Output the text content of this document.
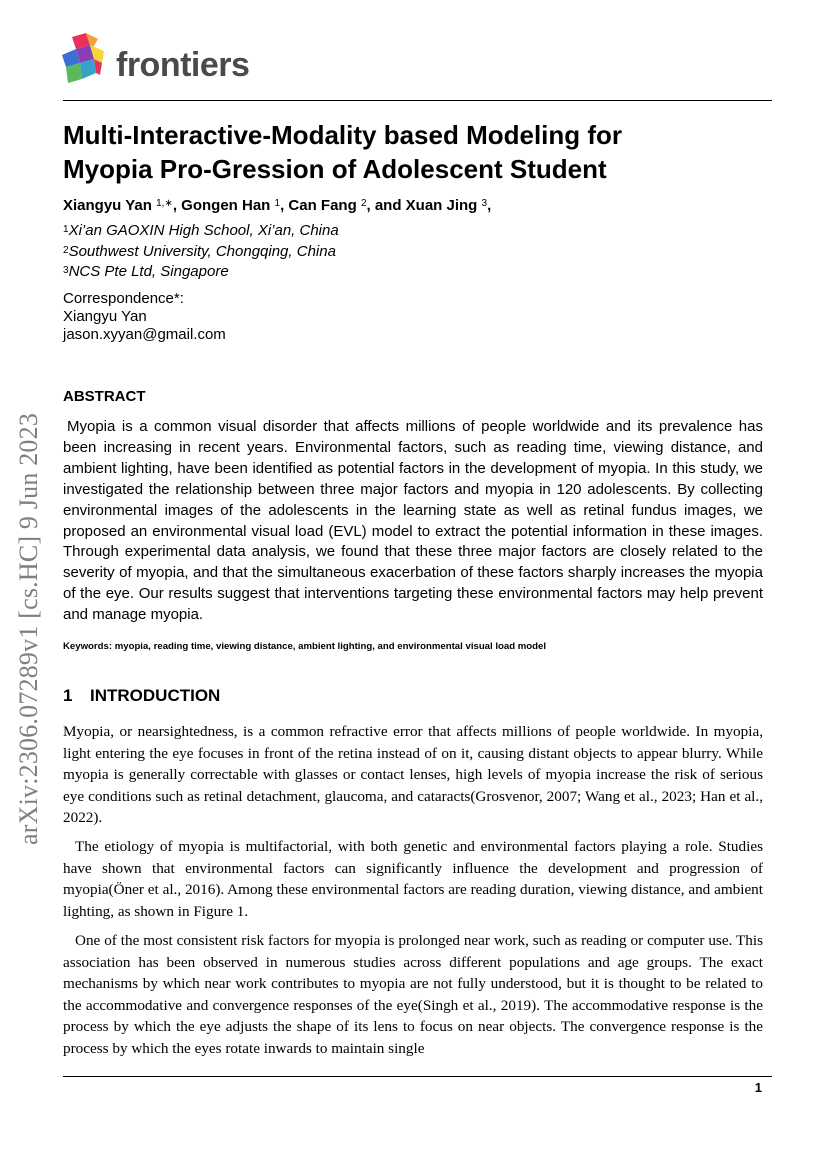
frontiers
arXiv:2306.07289v1 [cs.HC] 9 Jun 2023
Multi-Interactive-Modality based Modeling for
Myopia Pro-Gression of Adolescent Student
Xiangyu Yan $^{1,∗}$, Gongen Han $^1$, Can Fang $^2$, and Xuan Jing $^3$,
$^1$Xi’an GAOXIN High School, Xi’an, China
$^2$Southwest University, Chongqing, China
$^3$NCS Pte Ltd, Singapore
Correspondence*:
Xiangyu Yan
jason.xyyan@gmail.com
ABSTRACT
Myopia is a common visual disorder that affects millions of people worldwide and its prevalence has been increasing in recent years. Environmental factors, such as reading time, viewing distance, and ambient lighting, have been identified as potential factors in the development of myopia. In this study, we investigated the relationship between three major factors and myopia in 120 adolescents. By collecting environmental images of the adolescents in the learning state as well as retinal fundus images, we proposed an environmental visual load (EVL) model to extract the potential information in these images. Through experimental data analysis, we found that these three major factors are closely related to the severity of myopia, and that the simultaneous exacerbation of these factors sharply increases the myopia of the eye. Our results suggest that interventions targeting these environmental factors may help prevent and manage myopia.
Keywords: myopia, reading time, viewing distance, ambient lighting, and environmental visual load model
1 INTRODUCTION
Myopia, or nearsightedness, is a common refractive error that affects millions of people worldwide. In myopia, light entering the eye focuses in front of the retina instead of on it, causing distant objects to appear blurry. While myopia is generally correctable with glasses or contact lenses, high levels of myopia increase the risk of serious eye conditions such as retinal detachment, glaucoma, and cataracts(Grosvenor, 2007; Wang et al., 2023; Han et al., 2022).
The etiology of myopia is multifactorial, with both genetic and environmental factors playing a role. Studies have shown that environmental factors can significantly influence the development and progression of myopia(Öner et al., 2016). Among these environmental factors are reading duration, viewing distance, and ambient lighting, as shown in Figure 1.
One of the most consistent risk factors for myopia is prolonged near work, such as reading or computer use. This association has been observed in numerous studies across different populations and age groups. The exact mechanisms by which near work contributes to myopia are not fully understood, but it is thought to be related to the accommodative and convergence responses of the eye(Singh et al., 2019). The accommodative response is the process by which the eye adjusts the shape of its lens to focus on near objects. The convergence response is the process by which the eyes rotate inwards to maintain single
1
